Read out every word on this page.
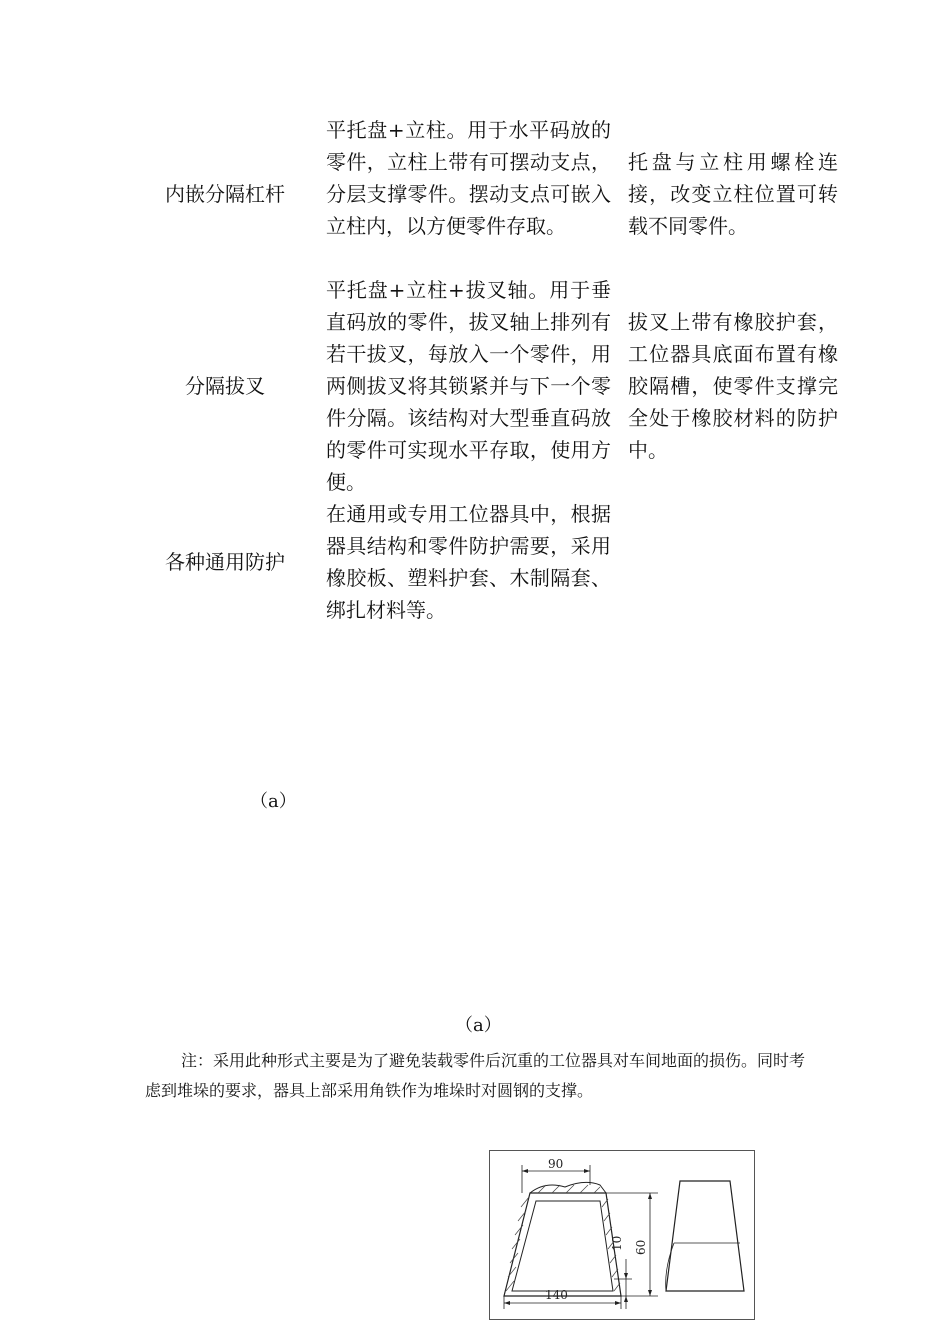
平托盘+立柱。用于水平码放的零件，立柱上带有可摆动支点，分层支撑零件。摆动支点可嵌入立柱内，以方便零件存取。
内嵌分隔杠杆
托盘与立柱用螺栓连接，改变立柱位置可转载不同零件。
平托盘+立柱+拔叉轴。用于垂直码放的零件，拔叉轴上排列有若干拔叉，每放入一个零件，用两侧拔叉将其锁紧并与下一个零件分隔。该结构对大型垂直码放的零件可实现水平存取，使用方便。
分隔拔叉
拔叉上带有橡胶护套，工位器具底面布置有橡胶隔槽，使零件支撑完全处于橡胶材料的防护中。
在通用或专用工位器具中，根据器具结构和零件防护需要，采用橡胶板、塑料护套、木制隔套、绑扎材料等。
各种通用防护
（a）
（a）
注：采用此种形式主要是为了避免装载零件后沉重的工位器具对车间地面的损伤。同时考虑到堆垛的要求，器具上部采用角铁作为堆垛时对圆钢的支撑。
90
140
60
10
